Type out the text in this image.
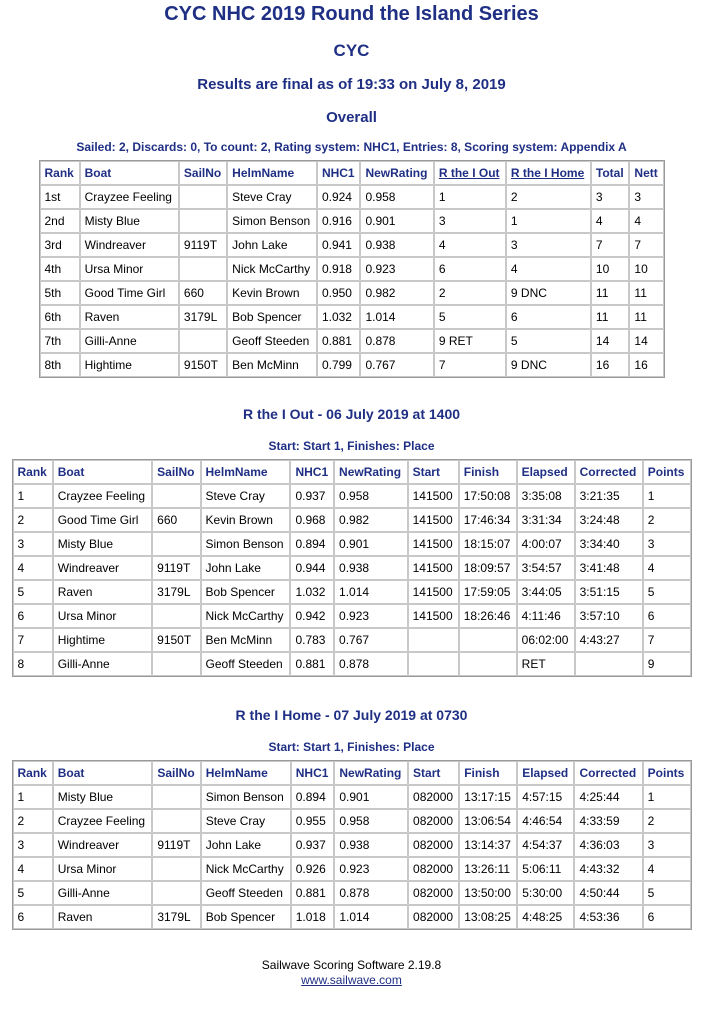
CYC NHC 2019 Round the Island Series
CYC
Results are final as of 19:33 on July 8, 2019
Overall

Sailed: 2, Discards: 0, To count: 2, Rating system: NHC1, Entries: 8, Scoring system: Appendix A

Rank	Boat	SailNo	HelmName	NHC1	NewRating	R the I Out	R the I Home	Total	Nett
1st	Crayzee Feeling		Steve Cray	0.924	0.958	1	2	3	3
2nd	Misty Blue		Simon Benson	0.916	0.901	3	1	4	4
3rd	Windreaver	9119T	John Lake	0.941	0.938	4	3	7	7
4th	Ursa Minor		Nick McCarthy	0.918	0.923	6	4	10	10
5th	Good Time Girl	660	Kevin Brown	0.950	0.982	2	9 DNC	11	11
6th	Raven	3179L	Bob Spencer	1.032	1.014	5	6	11	11
7th	Gilli-Anne		Geoff Steeden	0.881	0.878	9 RET	5	14	14
8th	Hightime	9150T	Ben McMinn	0.799	0.767	7	9 DNC	16	16
R the I Out - 06 July 2019 at 1400

Start: Start 1, Finishes: Place

Rank	Boat	SailNo	HelmName	NHC1	NewRating	Start	Finish	Elapsed	Corrected	Points
1	Crayzee Feeling		Steve Cray	0.937	0.958	141500	17:50:08	3:35:08	3:21:35	1
2	Good Time Girl	660	Kevin Brown	0.968	0.982	141500	17:46:34	3:31:34	3:24:48	2
3	Misty Blue		Simon Benson	0.894	0.901	141500	18:15:07	4:00:07	3:34:40	3
4	Windreaver	9119T	John Lake	0.944	0.938	141500	18:09:57	3:54:57	3:41:48	4
5	Raven	3179L	Bob Spencer	1.032	1.014	141500	17:59:05	3:44:05	3:51:15	5
6	Ursa Minor		Nick McCarthy	0.942	0.923	141500	18:26:46	4:11:46	3:57:10	6
7	Hightime	9150T	Ben McMinn	0.783	0.767			06:02:00	4:43:27	7
8	Gilli-Anne		Geoff Steeden	0.881	0.878			RET		9
R the I Home - 07 July 2019 at 0730

Start: Start 1, Finishes: Place

Rank	Boat	SailNo	HelmName	NHC1	NewRating	Start	Finish	Elapsed	Corrected	Points
1	Misty Blue		Simon Benson	0.894	0.901	082000	13:17:15	4:57:15	4:25:44	1
2	Crayzee Feeling		Steve Cray	0.955	0.958	082000	13:06:54	4:46:54	4:33:59	2
3	Windreaver	9119T	John Lake	0.937	0.938	082000	13:14:37	4:54:37	4:36:03	3
4	Ursa Minor		Nick McCarthy	0.926	0.923	082000	13:26:11	5:06:11	4:43:32	4
5	Gilli-Anne		Geoff Steeden	0.881	0.878	082000	13:50:00	5:30:00	4:50:44	5
6	Raven	3179L	Bob Spencer	1.018	1.014	082000	13:08:25	4:48:25	4:53:36	6
Sailwave Scoring Software 2.19.8
www.sailwave.com
